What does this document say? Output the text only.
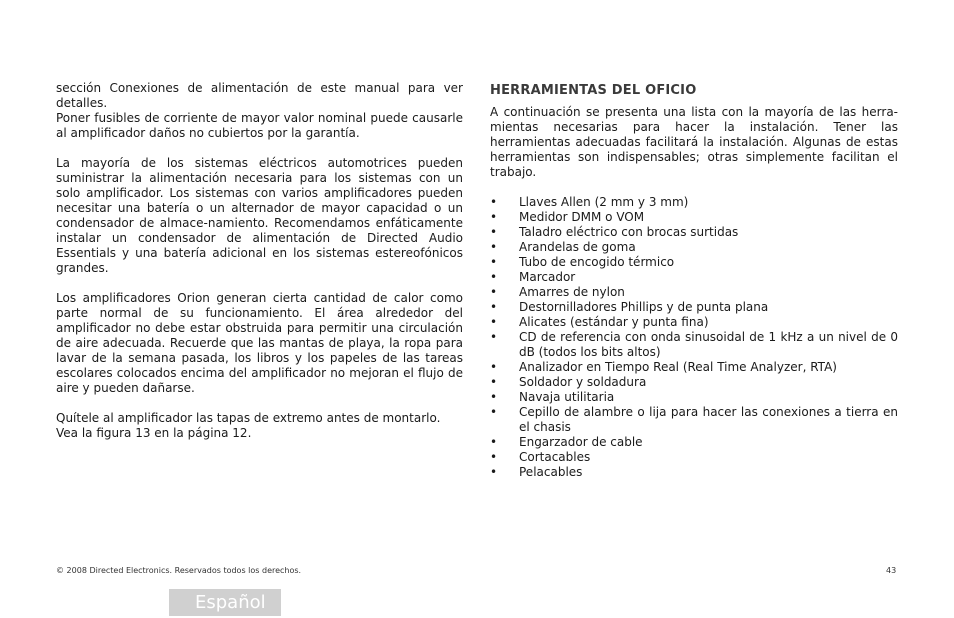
sección Conexiones de alimentación de este manual para ver detalles.
Poner fusibles de corriente de mayor valor nominal puede causarle al amplificador daños no cubiertos por la garantía.

La mayoría de los sistemas eléctricos automotrices pueden suministrar la alimentación necesaria para los sistemas con un solo amplificador. Los sistemas con varios amplificadores pueden necesitar una batería o un alternador de mayor capacidad o un condensador de almace-namiento. Recomendamos enfáticamente instalar un condensador de alimentación de Directed Audio Essentials y una batería adicional en los sistemas estereofónicos grandes.

Los amplificadores Orion generan cierta cantidad de calor como parte normal de su funcionamiento. El área alrededor del amplificador no debe estar obstruida para permitir una circulación de aire adecuada. Recuerde que las mantas de playa, la ropa para lavar de la semana pasada, los libros y los papeles de las tareas escolares colocados encima del amplificador no mejoran el flujo de aire y pueden dañarse.

Quítele al amplificador las tapas de extremo antes de montarlo.
Vea la figura 13 en la página 12.

HERRAMIENTAS DEL OFICIO

A continuación se presenta una lista con la mayoría de las herra-mientas necesarias para hacer la instalación. Tener las herramientas adecuadas facilitará la instalación. Algunas de estas herramientas son indispensables; otras simplemente facilitan el trabajo.

• Llaves Allen (2 mm y 3 mm)
• Medidor DMM o VOM
• Taladro eléctrico con brocas surtidas
• Arandelas de goma
• Tubo de encogido térmico
• Marcador
• Amarres de nylon
• Destornilladores Phillips y de punta plana
• Alicates (estándar y punta fina)
• CD de referencia con onda sinusoidal de 1 kHz a un nivel de 0 dB (todos los bits altos)
• Analizador en Tiempo Real (Real Time Analyzer, RTA)
• Soldador y soldadura
• Navaja utilitaria
• Cepillo de alambre o lija para hacer las conexiones a tierra en el chasis
• Engarzador de cable
• Cortacables
• Pelacables
© 2008 Directed Electronics. Reservados todos los derechos.	43
Español
